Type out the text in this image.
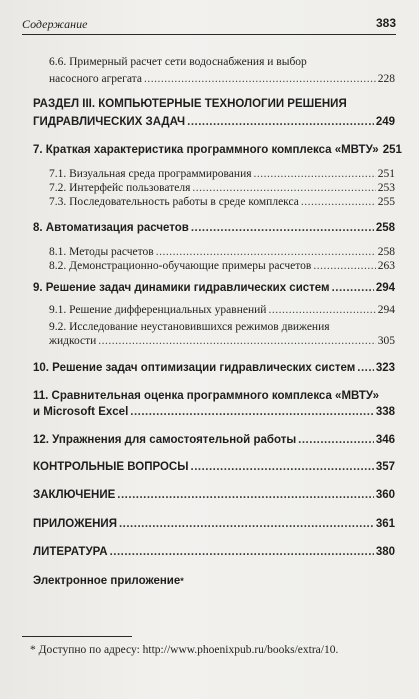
Содержание	383
6.6. Примерный расчет сети водоснабжения и выбор
насосного агрегата .....	228
РАЗДЕЛ III. КОМПЬЮТЕРНЫЕ ТЕХНОЛОГИИ РЕШЕНИЯ
ГИДРАВЛИЧЕСКИХ ЗАДАЧ .....	249
7. Краткая характеристика программного комплекса «МВТУ» 251
7.1. Визуальная среда программирования .....	251
7.2. Интерфейс пользователя .....	253
7.3. Последовательность работы в среде комплекса .....	255
8. Автоматизация расчетов .....	258
8.1. Методы расчетов .....	258
8.2. Демонстрационно-обучающие примеры расчетов .....	263
9. Решение задач динамики гидравлических систем .....	294
9.1. Решение дифференциальных уравнений .....	294
9.2. Исследование неустановившихся режимов движения
жидкости .....	305
10. Решение задач оптимизации гидравлических систем ..... 323
11. Сравнительная оценка программного комплекса «МВТУ»
и Microsoft Excel .....	338
12. Упражнения для самостоятельной работы .....	346
КОНТРОЛЬНЫЕ ВОПРОСЫ .....	357
ЗАКЛЮЧЕНИЕ .....	360
ПРИЛОЖЕНИЯ .....	361
ЛИТЕРАТУРА .....	380
Электронное приложение *
* Доступно по адресу: http://www.phoenixpub.ru/books/extra/10.
